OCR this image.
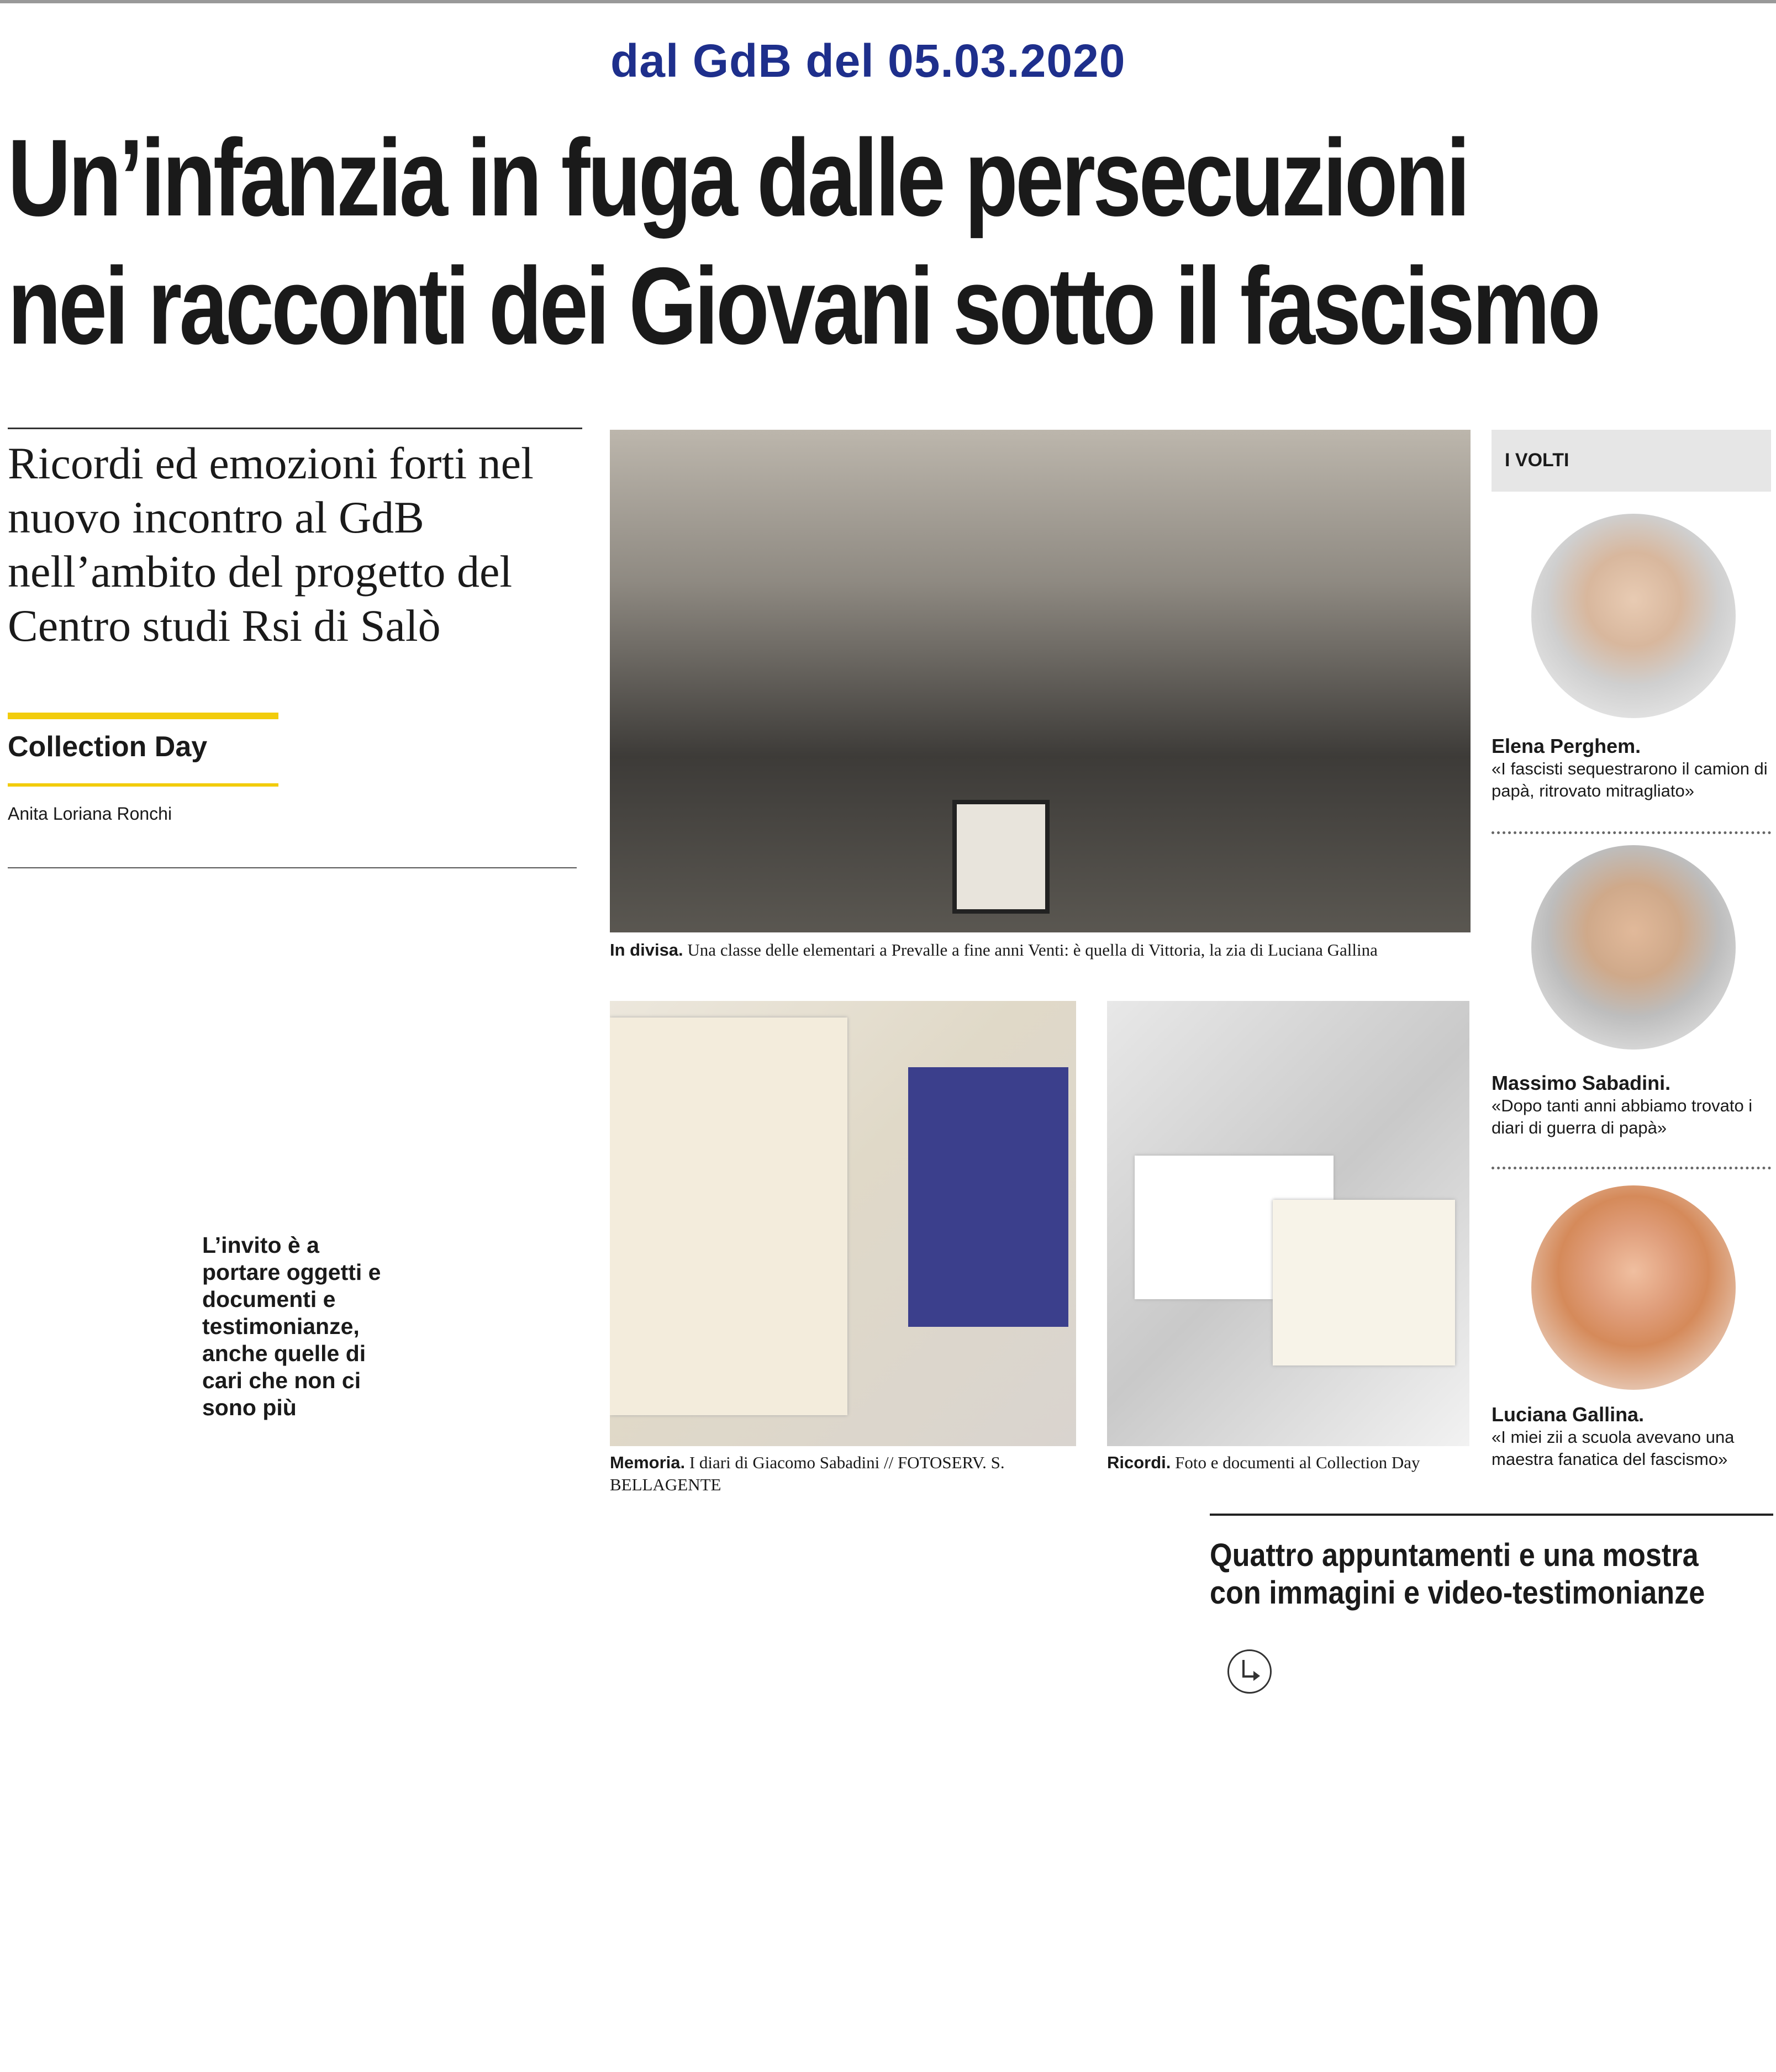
dal GdB del 05.03.2020
Un’infanzia in fuga dalle persecuzioni
nei racconti dei Giovani sotto il fascismo
Ricordi ed emozioni forti nel nuovo incontro al GdB nell’ambito del progetto del Centro studi Rsi di Salò
Collection Day
Anita Loriana Ronchi
L’invito è a portare oggetti e documenti e testimonianze, anche quelle di cari che non ci sono più
In divisa. Una classe delle elementari a Prevalle a fine anni Venti: è quella di Vittoria, la zia di Luciana Gallina
Memoria. I diari di Giacomo Sabadini // FOTOSERV. S. BELLAGENTE
Ricordi. Foto e documenti al Collection Day
I VOLTI
Elena Perghem.
«I fascisti sequestrarono il camion di papà, ritrovato mitragliato»
Massimo Sabadini.
«Dopo tanti anni abbiamo trovato i diari di guerra di papà»
Luciana Gallina.
«I miei zii a scuola avevano una maestra fanatica del fascismo»
Quattro appuntamenti e una mostra con immagini e video-testimonianze
